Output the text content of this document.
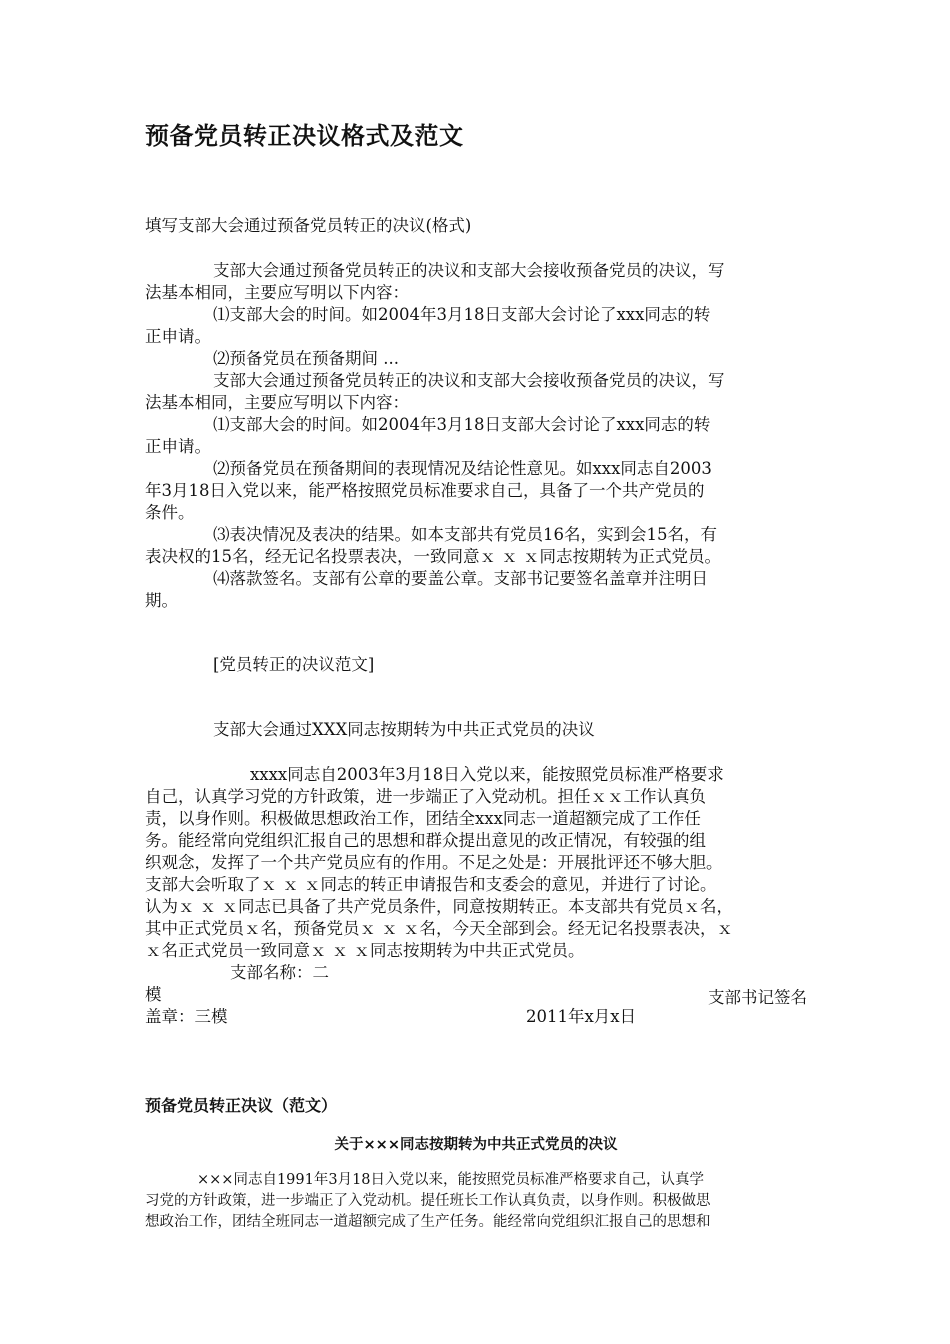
预备党员转正决议格式及范文
填写支部大会通过预备党员转正的决议(格式)
支部大会通过预备党员转正的决议和支部大会接收预备党员的决议，写
法基本相同，主要应写明以下内容：
⑴支部大会的时间。如2004年3月18日支部大会讨论了xxx同志的转
正申请。
⑵预备党员在预备期间 ...
支部大会通过预备党员转正的决议和支部大会接收预备党员的决议，写
法基本相同，主要应写明以下内容：
⑴支部大会的时间。如2004年3月18日支部大会讨论了xxx同志的转
正申请。
⑵预备党员在预备期间的表现情况及结论性意见。如xxx同志自2003
年3月18日入党以来，能严格按照党员标准要求自己，具备了一个共产党员的
条件。
⑶表决情况及表决的结果。如本支部共有党员16名，实到会15名，有
表决权的15名，经无记名投票表决，一致同意ｘ ｘ ｘ同志按期转为正式党员。
⑷落款签名。支部有公章的要盖公章。支部书记要签名盖章并注明日
期。
[党员转正的决议范文]
支部大会通过XXX同志按期转为中共正式党员的决议
xxxx同志自2003年3月18日入党以来，能按照党员标准严格要求
自己，认真学习党的方针政策，进一步端正了入党动机。担任ｘｘ工作认真负
责，以身作则。积极做思想政治工作，团结全xxx同志一道超额完成了工作任
务。能经常向党组织汇报自己的思想和群众提出意见的改正情况，有较强的组
织观念，发挥了一个共产党员应有的作用。不足之处是：开展批评还不够大胆。
支部大会听取了ｘ ｘ ｘ同志的转正申请报告和支委会的意见，并进行了讨论。
认为ｘ ｘ ｘ同志已具备了共产党员条件，同意按期转正。本支部共有党员ｘ名，
其中正式党员ｘ名，预备党员ｘ ｘ ｘ名，今天全部到会。经无记名投票表决，ｘ
ｘ名正式党员一致同意ｘ ｘ ｘ同志按期转为中共正式党员。
支部名称：二
模	支部书记签名
盖章：三模	2011年x月x日
预备党员转正决议（范文）
关于×××同志按期转为中共正式党员的决议
×××同志自1991年3月18日入党以来，能按照党员标准严格要求自己，认真学
习党的方针政策，进一步端正了入党动机。提任班长工作认真负责，以身作则。积极做思
想政治工作，团结全班同志一道超额完成了生产任务。能经常向党组织汇报自己的思想和
